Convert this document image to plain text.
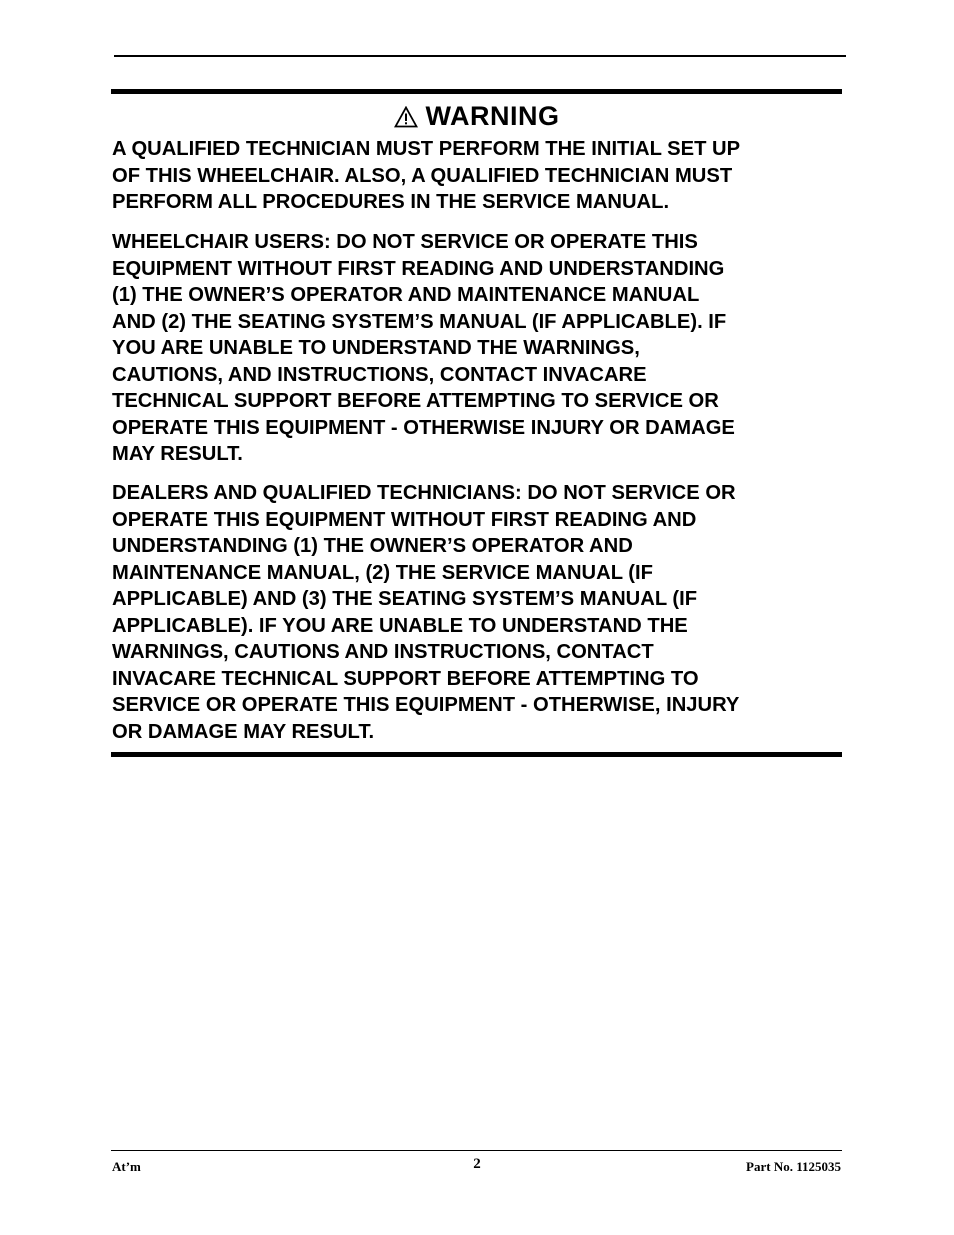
WARNING

A QUALIFIED TECHNICIAN MUST PERFORM THE INITIAL SET UP
OF THIS WHEELCHAIR. ALSO, A QUALIFIED TECHNICIAN MUST
PERFORM ALL PROCEDURES IN THE SERVICE MANUAL.

WHEELCHAIR USERS: DO NOT SERVICE OR OPERATE THIS
EQUIPMENT WITHOUT FIRST READING AND UNDERSTANDING
(1) THE OWNER’S OPERATOR AND MAINTENANCE MANUAL
AND (2) THE SEATING SYSTEM’S MANUAL (IF APPLICABLE). IF
YOU ARE UNABLE TO UNDERSTAND THE WARNINGS,
CAUTIONS, AND INSTRUCTIONS, CONTACT INVACARE
TECHNICAL SUPPORT BEFORE ATTEMPTING TO SERVICE OR
OPERATE THIS EQUIPMENT - OTHERWISE INJURY OR DAMAGE
MAY RESULT.

DEALERS AND QUALIFIED TECHNICIANS: DO NOT SERVICE OR
OPERATE THIS EQUIPMENT WITHOUT FIRST READING AND
UNDERSTANDING (1) THE OWNER’S OPERATOR AND
MAINTENANCE MANUAL, (2) THE SERVICE MANUAL (IF
APPLICABLE) AND (3) THE SEATING SYSTEM’S MANUAL (IF
APPLICABLE). IF YOU ARE UNABLE TO UNDERSTAND THE
WARNINGS, CAUTIONS AND INSTRUCTIONS, CONTACT
INVACARE TECHNICAL SUPPORT BEFORE ATTEMPTING TO
SERVICE OR OPERATE THIS EQUIPMENT - OTHERWISE, INJURY
OR DAMAGE MAY RESULT.

At’m	2	Part No. 1125035
